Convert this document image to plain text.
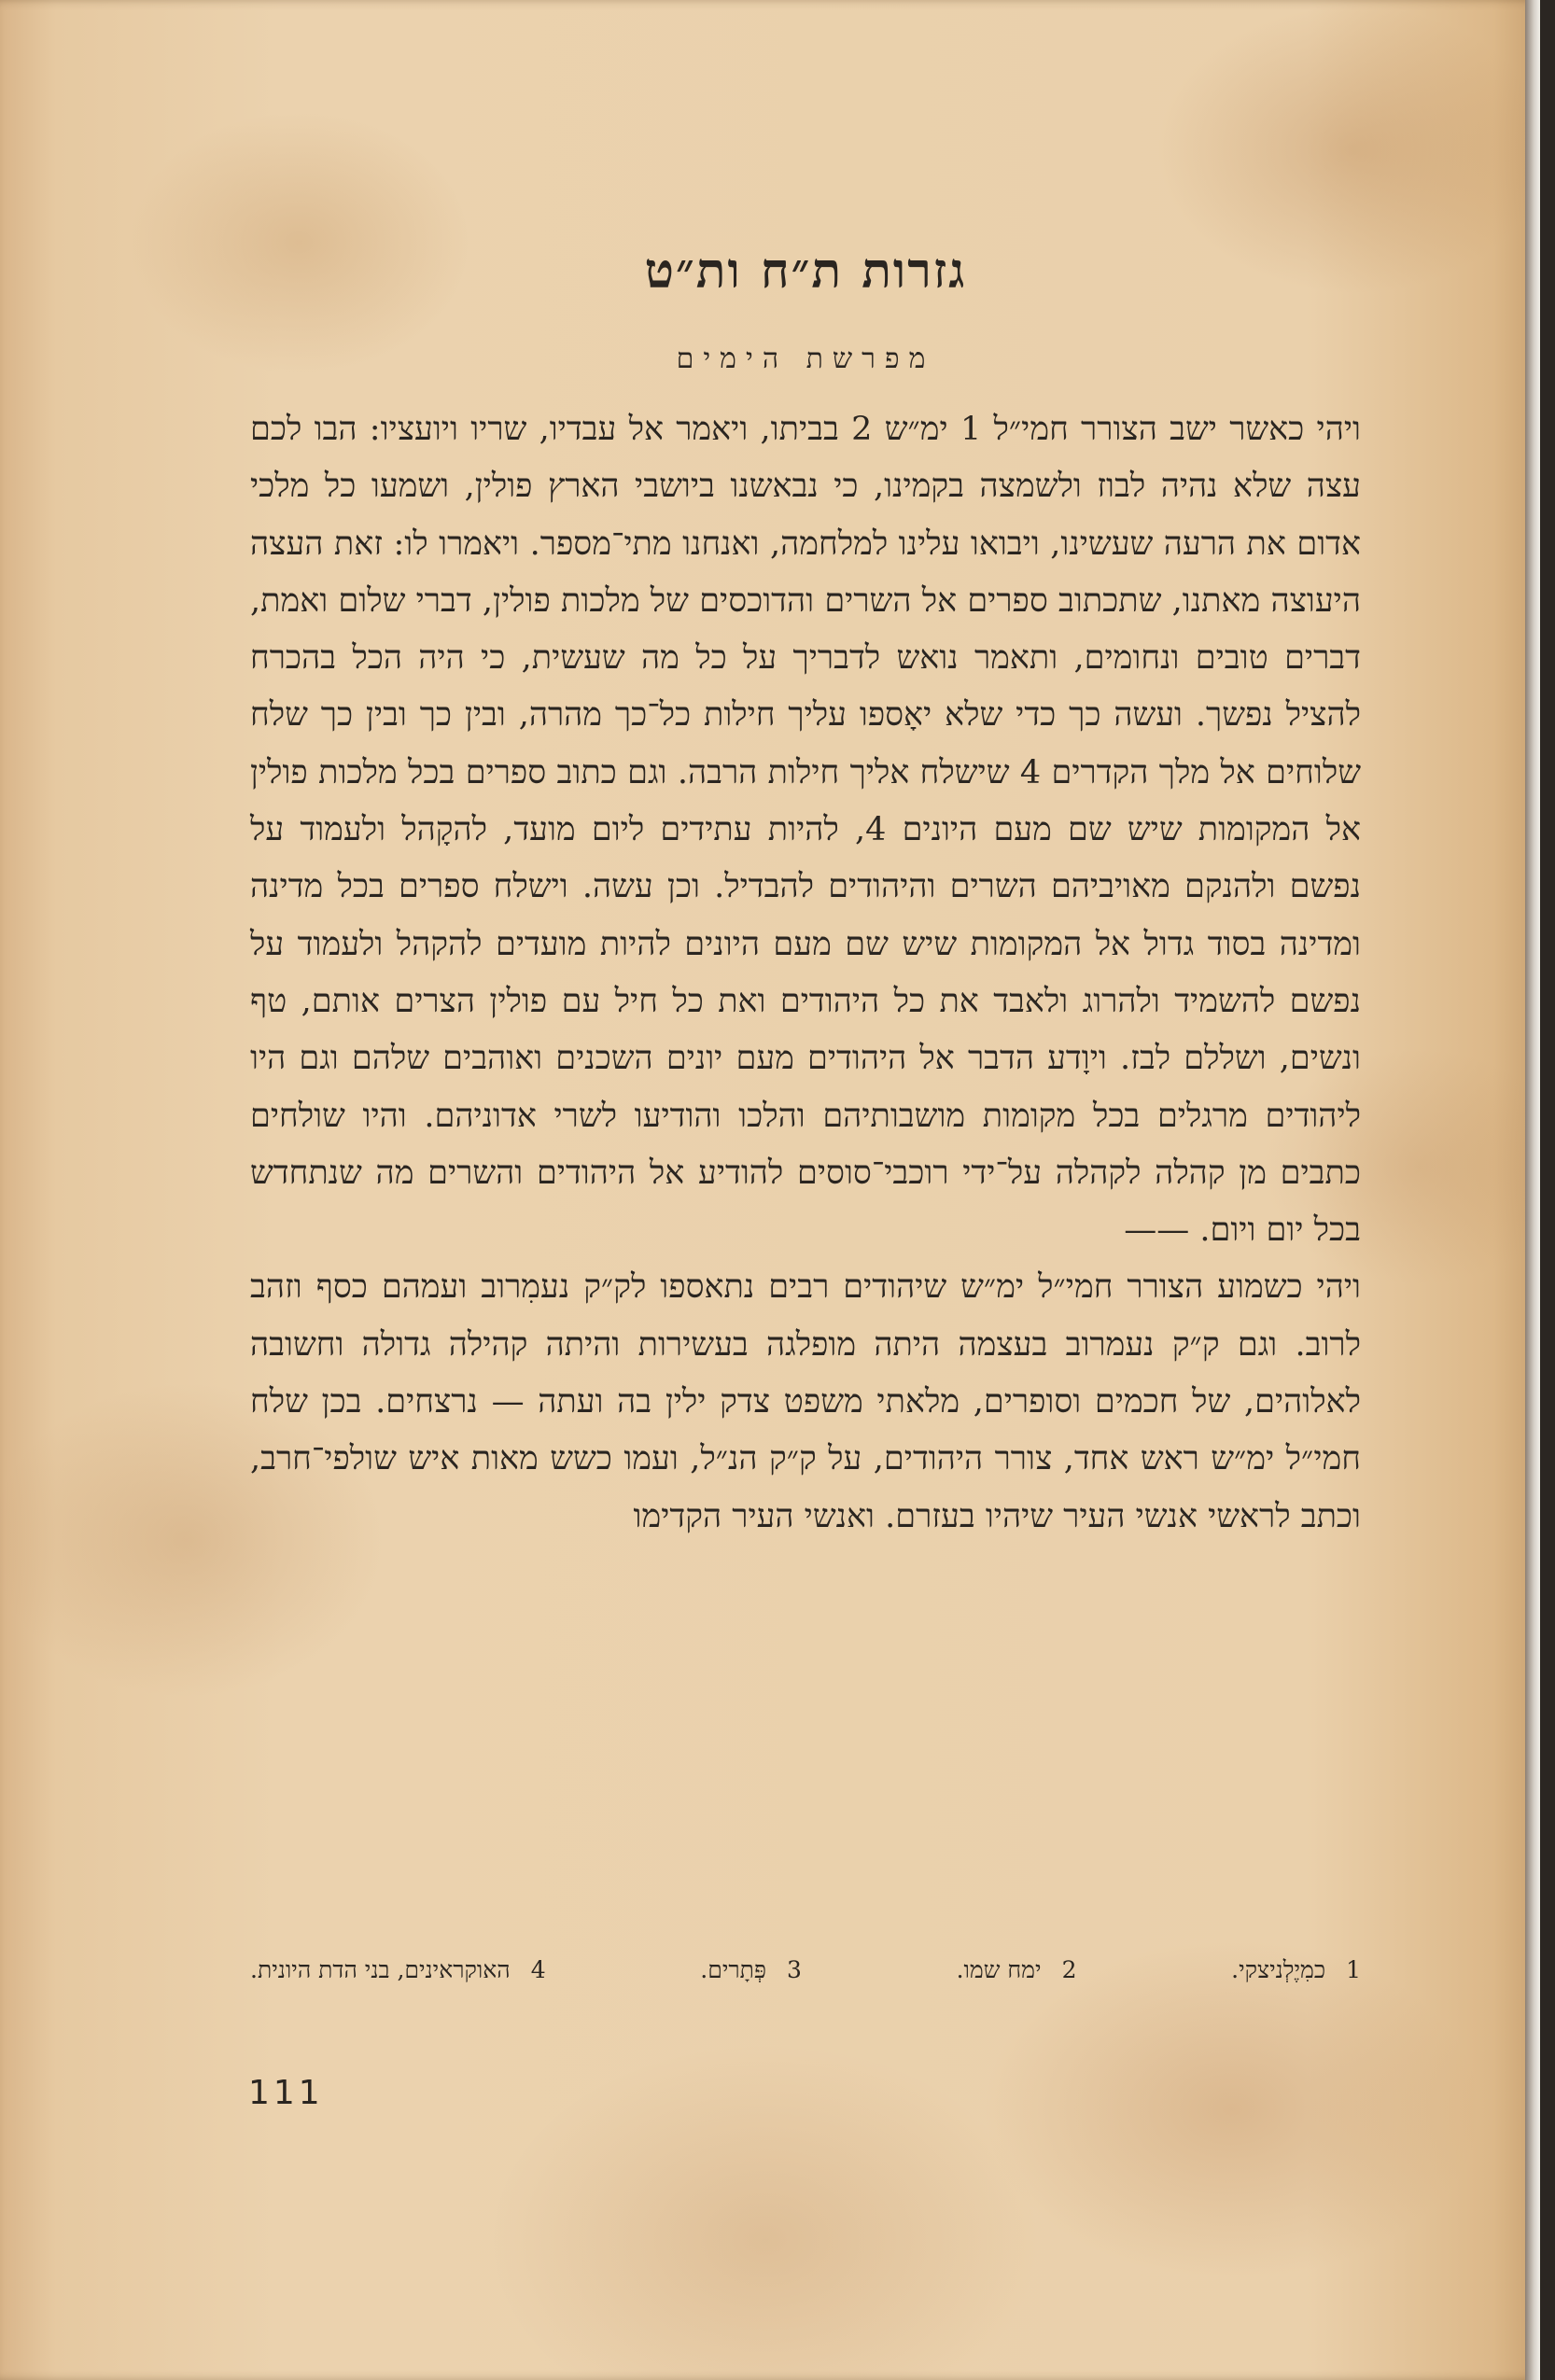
גזרות ת״ח ות״ט
מפרשת הימים

ויהי כאשר ישב הצורר חמי״ל 1 ימ״ש 2 בביתו, ויאמר אל עבדיו, שריו ויועציו: הבו לכם עצה שלא נהיה לבוז ולשמצה בקמינו, כי נבאשנו ביושבי הארץ פולין, ושמעו כל מלכי אדום את הרעה שעשינו, ויבואו עלינו למלחמה, ואנחנו מתי־מספר. ויאמרו לו: זאת העצה היעוצה מאתנו, שתכתוב ספרים אל השרים והדוכסים של מלכות פולין, דברי שלום ואמת, דברים טובים ונחומים, ותאמר נואש לדבריך על כל מה שעשית, כי היה הכל בהכרח להציל נפשך. ועשה כך כדי שלא יאָספו עליך חילות כל־כך מהרה, ובין כך ובין כך שלח שלוחים אל מלך הקדרים 4 שישלח אליך חילות הרבה. וגם כתוב ספרים בכל מלכות פולין אל המקומות שיש שם מעם היונים 4, להיות עתידים ליום מועד, להקָהל ולעמוד על נפשם ולהנקם מאויביהם השרים והיהודים להבדיל. וכן עשה. וישלח ספרים בכל מדינה ומדינה בסוד גדול אל המקומות שיש שם מעם היונים להיות מועדים להקהל ולעמוד על נפשם להשמיד ולהרוג ולאבד את כל היהודים ואת כל חיל עם פולין הצרים אותם, טף ונשים, ושללם לבז. ויוָדע הדבר אל היהודים מעם יונים השכנים ואוהבים שלהם וגם היו ליהודים מרגלים בכל מקומות מושבותיהם והלכו והודיעו לשרי אדוניהם. והיו שולחים כתבים מן קהלה לקהלה על־ידי רוכבי־סוסים להודיע אל היהודים והשרים מה שנתחדש בכל יום ויום. ——

ויהי כשמוע הצורר חמי״ל ימ״ש שיהודים רבים נתאספו לק״ק נעמִרוב ועמהם כסף וזהב לרוב. וגם ק״ק נעמרוב בעצמה היתה מופלגה בעשירות והיתה קהילה גדולה וחשובה לאלוהים, של חכמים וסופרים, מלאתי משפט צדק ילין בה ועתה — נרצחים. בכן שלח חמי״ל ימ״ש ראש אחד, צורר היהודים, על ק״ק הנ״ל, ועמו כשש מאות איש שולפי־חרב, וכתב לראשי אנשי העיר שיהיו בעזרם. ואנשי העיר הקדימו

1כמִיֶלְניצקי.
2ימח שמו.
3פְּתָרים.
4האוקראינים, בני הדת היונית.
111
